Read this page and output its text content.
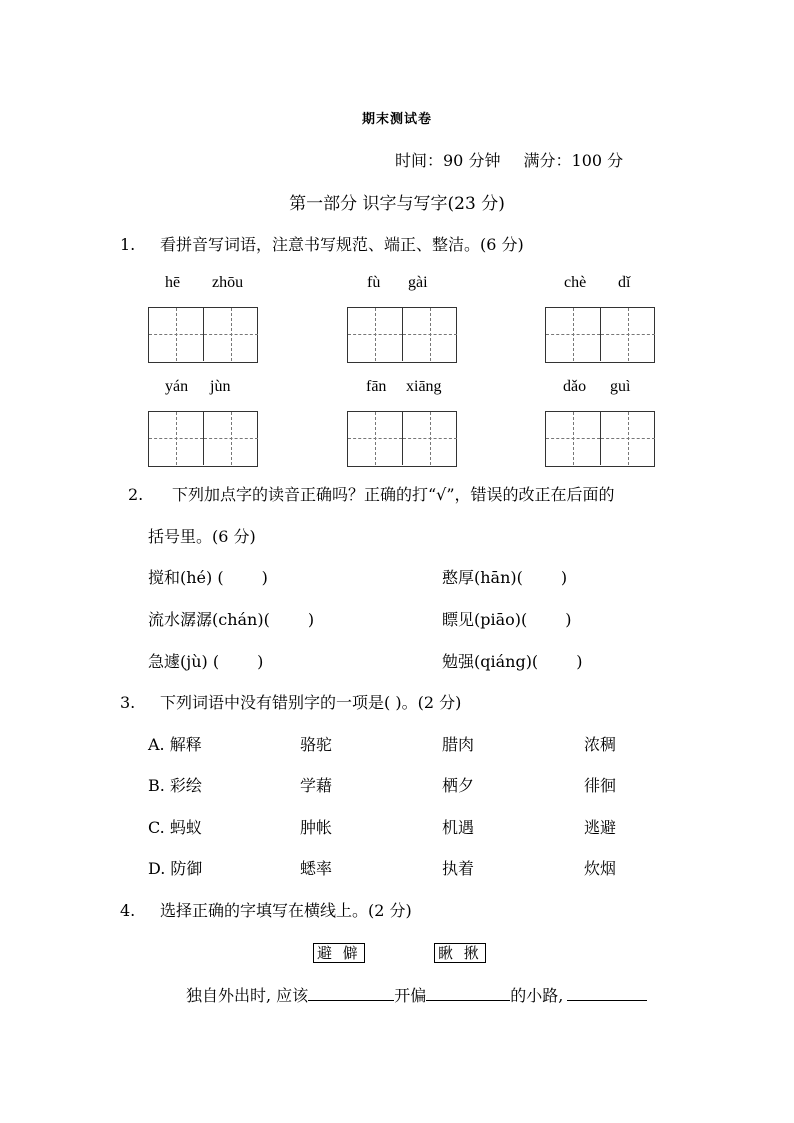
期末测试卷
时间：90 分钟 满分：100 分
第一部分 识字与写字(23 分)
1. 看拼音写词语，注意书写规范、端正、整洁。(6 分)
hē zhōu	fù gài	chè dǐ
yán jùn	fān xiāng	dǎo guì
2. 下列加点字的读音正确吗？正确的打“√”，错误的改正在后面的
括号里。(6 分)
搅和(hé) ( )	憨厚(hān)( )
流水潺潺(chán)( )	瞟见(piāo)( )
急遽(jù) ( )	勉强(qiáng)( )
3. 下列词语中没有错别字的一项是( )。(2 分)
A. 解释	骆驼	腊肉	浓稠
B. 彩绘	学藉	栖夕	徘徊
C. 蚂蚁	肿帐	机遇	逃避
D. 防御	蟋率	执着	炊烟
4. 选择正确的字填写在横线上。(2 分)
避 僻	瞅 揪
独自外出时, 应该	开偏	的小路,
